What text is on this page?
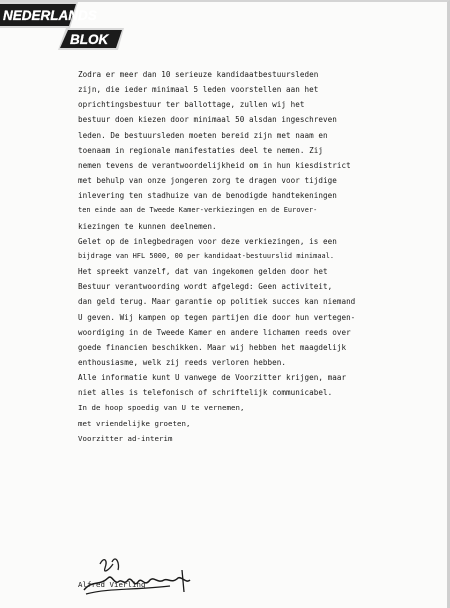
NEDERLANDS
BLOK
Zodra er meer dan 10 serieuze kandidaatbestuursleden
zijn, die ieder minimaal 5 leden voorstellen aan het
oprichtingsbestuur ter ballottage, zullen wij het
bestuur doen kiezen door minimaal 50 alsdan ingeschreven
leden. De bestuursleden moeten bereid zijn met naam en
toenaam in regionale manifestaties deel te nemen. Zij
nemen tevens de verantwoordelijkheid om in hun kiesdistrict
met behulp van onze jongeren zorg te dragen voor tijdige
inlevering ten stadhuize van de benodigde handtekeningen
ten einde aan de Tweede Kamer-verkiezingen en de Eurover-
kiezingen te kunnen deelnemen.
Gelet op de inlegbedragen voor deze verkiezingen, is een
bijdrage van HFL 5000, 00 per kandidaat-bestuurslid minimaal.
Het spreekt vanzelf, dat van ingekomen gelden door het
Bestuur verantwoording wordt afgelegd: Geen activiteit,
dan geld terug. Maar garantie op politiek succes kan niemand
U geven. Wij kampen op tegen partijen die door hun vertegen-
woordiging in de Tweede Kamer en andere lichamen reeds over
goede financien beschikken. Maar wij hebben het maagdelijk
enthousiasme, welk zij reeds verloren hebben.
Alle informatie kunt U vanwege de Voorzitter krijgen, maar
niet alles is telefonisch of schriftelijk communicabel.
In de hoop spoedig van U te vernemen,
met vriendelijke groeten,
Voorzitter ad-interim
Alfred Vierling
